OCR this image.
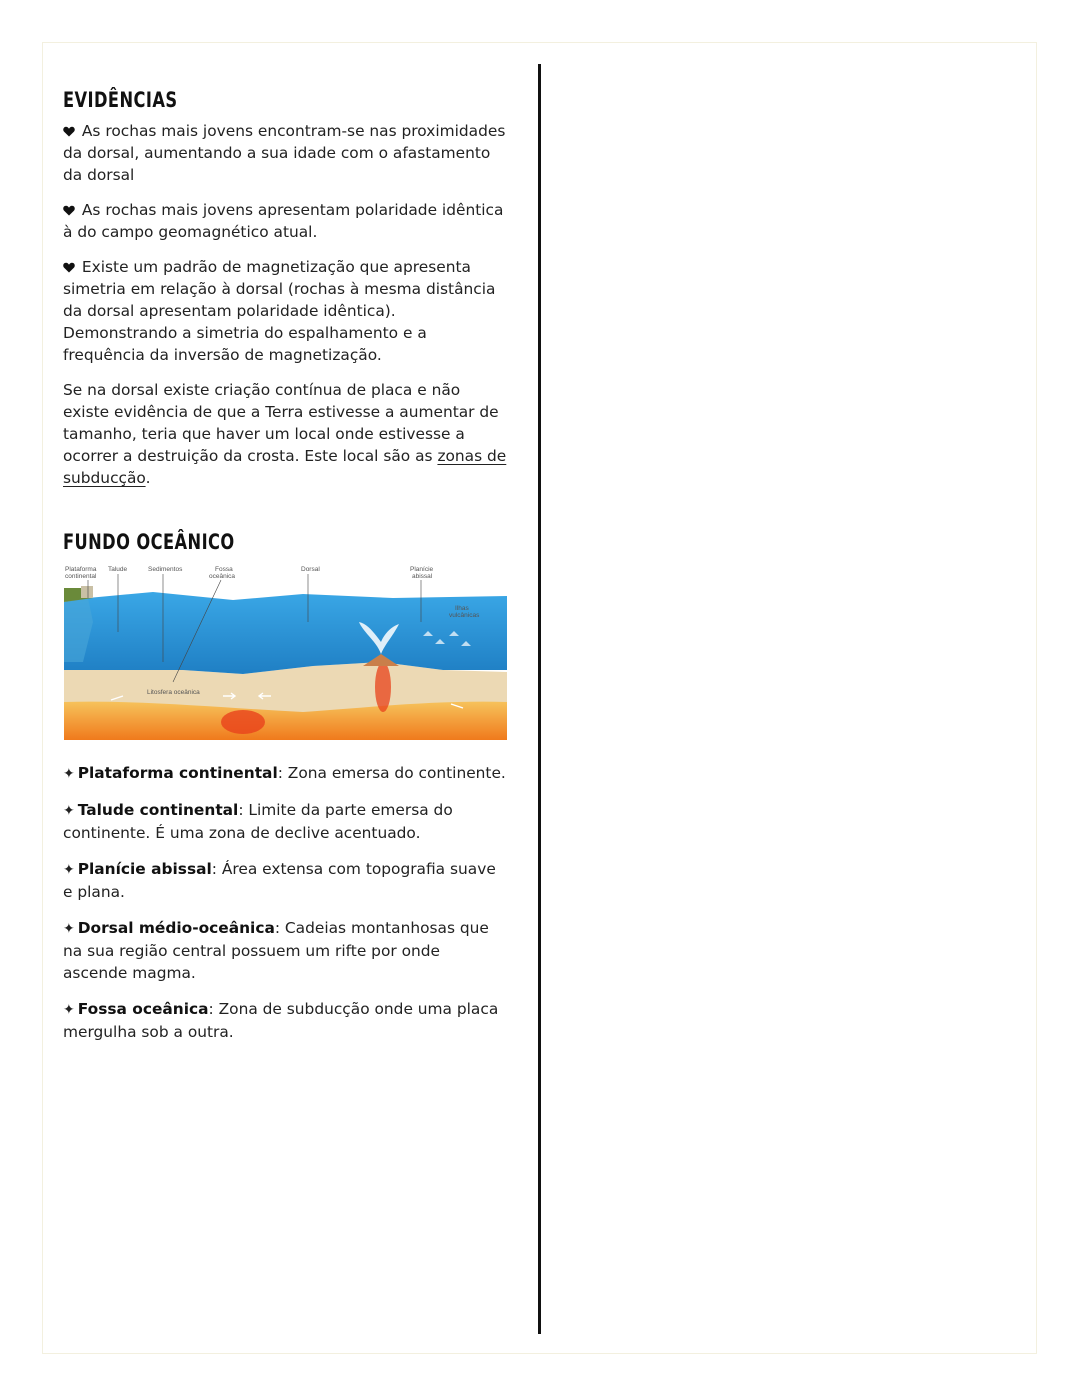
EVIDÊNCIAS

As rochas mais jovens encontram-se nas proximidades da dorsal, aumentando a sua idade com o afastamento da dorsal

As rochas mais jovens apresentam polaridade idêntica à do campo geomagnético atual.

Existe um padrão de magnetização que apresenta simetria em relação à dorsal (rochas à mesma distância da dorsal apresentam polaridade idêntica). Demonstrando a simetria do espalhamento e a frequência da inversão de magnetização.

Se na dorsal existe criação contínua de placa e não existe evidência de que a Terra estivesse a aumentar de tamanho, teria que haver um local onde estivesse a ocorrer a destruição da crosta. Este local são as zonas de subducção.

FUNDO OCEÂNICO
Plataforma
continental
Talude	Sedimentos	Fossa
oceânica
Dorsal	Planície
abissal
Ilhas
vulcânicas
Litosfera oceânica

✦ Plataforma continental: Zona emersa do continente.

✦ Talude continental: Limite da parte emersa do continente. É uma zona de declive acentuado.

✦ Planície abissal: Área extensa com topografia suave e plana.

✦ Dorsal médio-oceânica: Cadeias montanhosas que na sua região central possuem um rifte por onde ascende magma.

✦ Fossa oceânica: Zona de subducção onde uma placa mergulha sob a outra.
